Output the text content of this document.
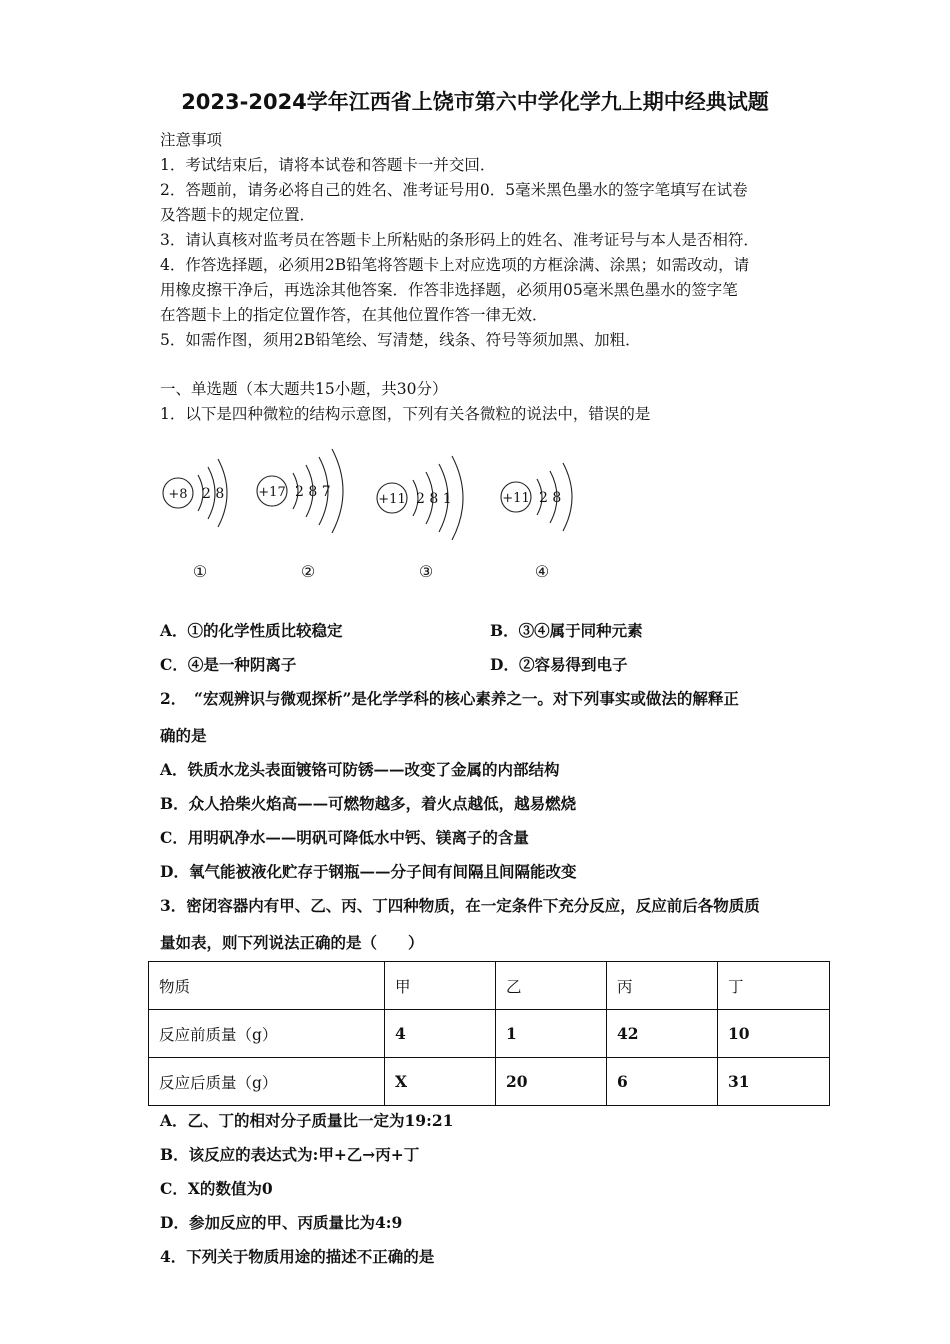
2023-2024学年江西省上饶市第六中学化学九上期中经典试题
注意事项
1．考试结束后，请将本试卷和答题卡一并交回．
2．答题前，请务必将自己的姓名、准考证号用0．5毫米黑色墨水的签字笔填写在试卷
及答题卡的规定位置．
3．请认真核对监考员在答题卡上所粘贴的条形码上的姓名、准考证号与本人是否相符．
4．作答选择题，必须用2B铅笔将答题卡上对应选项的方框涂满、涂黑；如需改动，请
用橡皮擦干净后，再选涂其他答案．作答非选择题，必须用05毫米黑色墨水的签字笔
在答题卡上的指定位置作答，在其他位置作答一律无效．
5．如需作图，须用2B铅笔绘、写清楚，线条、符号等须加黑、加粗．
一、单选题（本大题共15小题，共30分）
1．以下是四种微粒的结构示意图，下列有关各微粒的说法中，错误的是
+8 2 8
①
+17 2 8 7
②
+11 2 8 1
③
+11 2 8
④
A．①的化学性质比较稳定	B．③④属于同种元素
C．④是一种阴离子	D．②容易得到电子
2．　“宏观辨识与微观探析”是化学学科的核心素养之一。对下列事实或做法的解释正
确的是
A．铁质水龙头表面镀铬可防锈——改变了金属的内部结构
B．众人拾柴火焰高——可燃物越多，着火点越低，越易燃烧
C．用明矾净水——明矾可降低水中钙、镁离子的含量
D．氧气能被液化贮存于钢瓶——分子间有间隔且间隔能改变
3．密闭容器内有甲、乙、丙、丁四种物质，在一定条件下充分反应，反应前后各物质质
量如表，则下列说法正确的是（　　）
物质	甲	乙	丙	丁
反应前质量（g）	4	1	42	10
反应后质量（g）	X	20	6	31
A．乙、丁的相对分子质量比一定为19:21
B．该反应的表达式为:甲+乙→丙+丁
C．X的数值为0
D．参加反应的甲、丙质量比为4:9
4．下列关于物质用途的描述不正确的是
